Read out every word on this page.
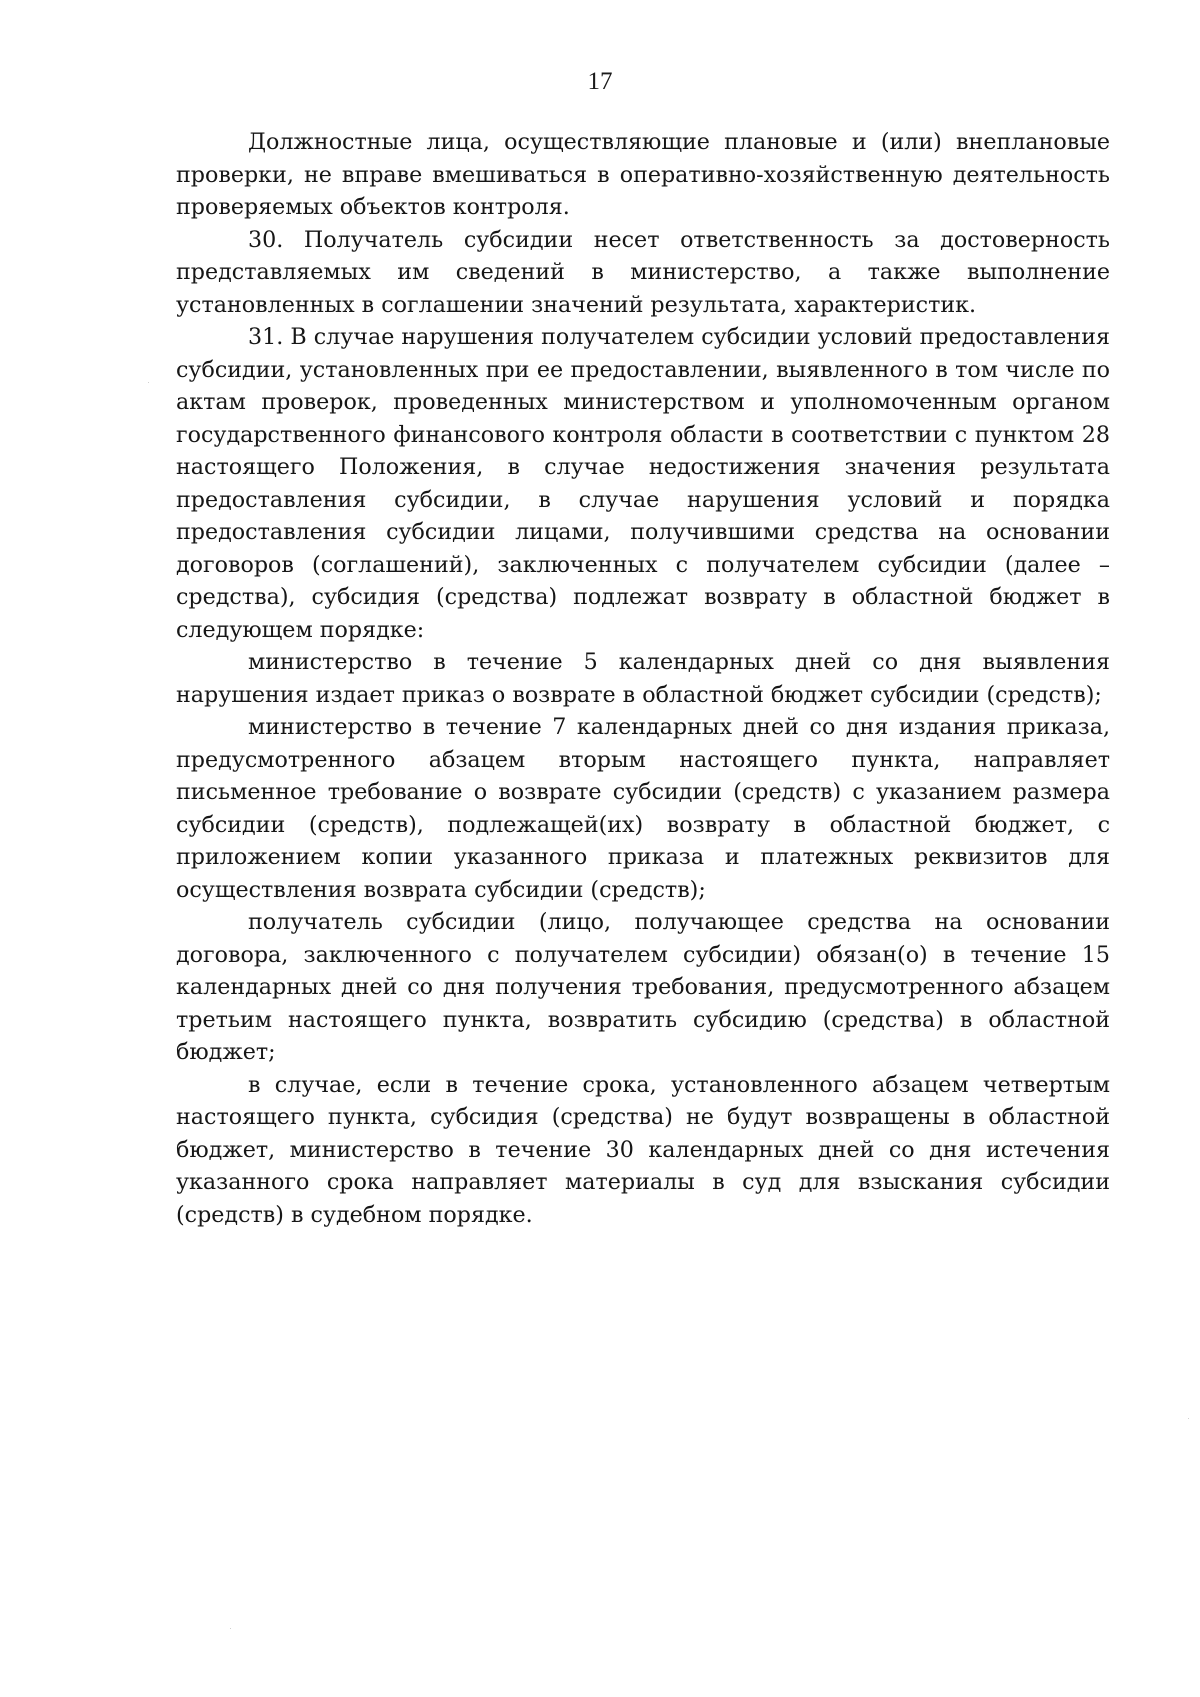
17

Должностные лица, осуществляющие плановые и (или) внеплановые проверки, не вправе вмешиваться в оперативно-хозяйственную деятельность проверяемых объектов контроля.

30. Получатель субсидии несет ответственность за достоверность представляемых им сведений в министерство, а также выполнение установленных в соглашении значений результата, характеристик.

31. В случае нарушения получателем субсидии условий предоставления субсидии, установленных при ее предоставлении, выявленного в том числе по актам проверок, проведенных министерством и уполномоченным органом государственного финансового контроля области в соответствии с пунктом 28 настоящего Положения, в случае недостижения значения результата предоставления субсидии, в случае нарушения условий и порядка предоставления субсидии лицами, получившими средства на основании договоров (соглашений), заключенных с получателем субсидии (далее – средства), субсидия (средства) подлежат возврату в областной бюджет в следующем порядке:

министерство в течение 5 календарных дней со дня выявления нарушения издает приказ о возврате в областной бюджет субсидии (средств);

министерство в течение 7 календарных дней со дня издания приказа, предусмотренного абзацем вторым настоящего пункта, направляет письменное требование о возврате субсидии (средств) с указанием размера субсидии (средств), подлежащей(их) возврату в областной бюджет, с приложением копии указанного приказа и платежных реквизитов для осуществления возврата субсидии (средств);

получатель субсидии (лицо, получающее средства на основании договора, заключенного с получателем субсидии) обязан(о) в течение 15 календарных дней со дня получения требования, предусмотренного абзацем третьим настоящего пункта, возвратить субсидию (средства) в областной бюджет;

в случае, если в течение срока, установленного абзацем четвертым настоящего пункта, субсидия (средства) не будут возвращены в областной бюджет, министерство в течение 30 календарных дней со дня истечения указанного срока направляет материалы в суд для взыскания субсидии (средств) в судебном порядке.
